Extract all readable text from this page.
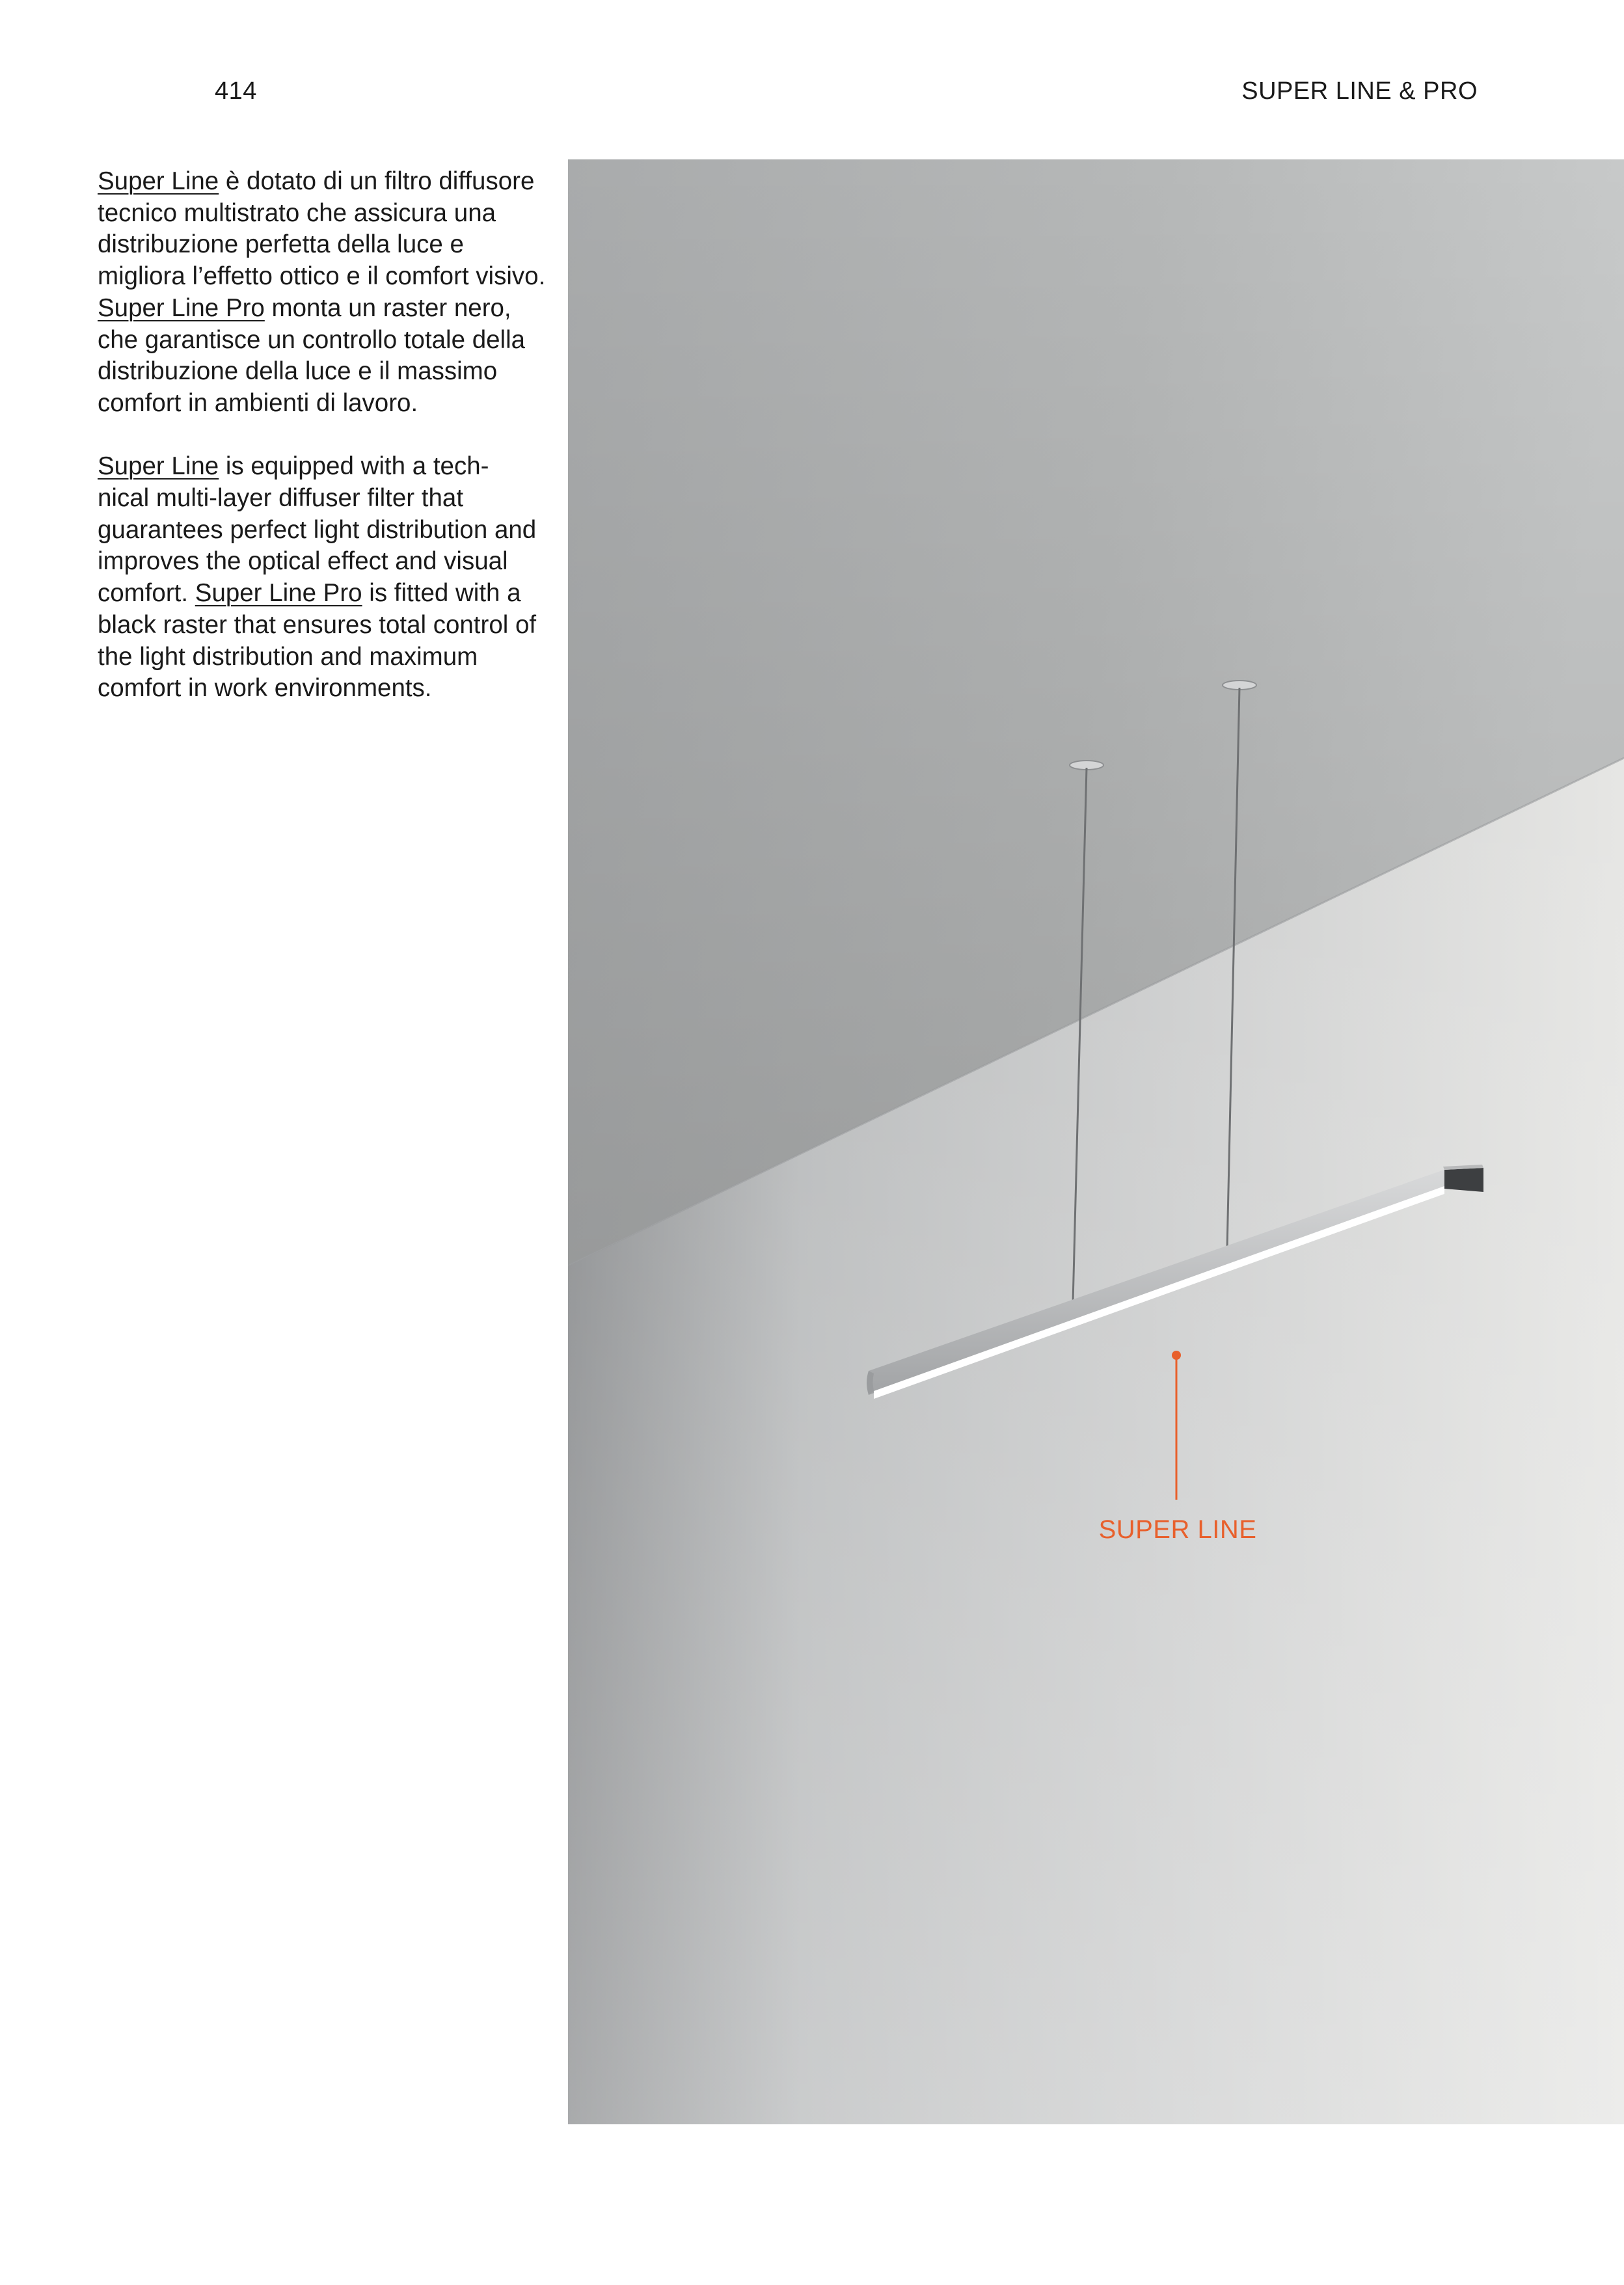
414	SUPER LINE & PRO

Super Line è dotato di un filtro diffusore tecnico multistrato che assicura una distribuzione perfetta della luce e migliora l’effetto ottico e il comfort visivo. Super Line Pro monta un raster nero, che garantisce un controllo totale della distribuzione della luce e il massimo comfort in ambienti di lavoro.

Super Line is equipped with a tech- nical multi-layer diffuser filter that guarantees perfect light distribution and improves the optical effect and visual comfort. Super Line Pro is fitted with a black raster that ensures total control of the light distribution and maximum comfort in work environments.

SUPER LINE
